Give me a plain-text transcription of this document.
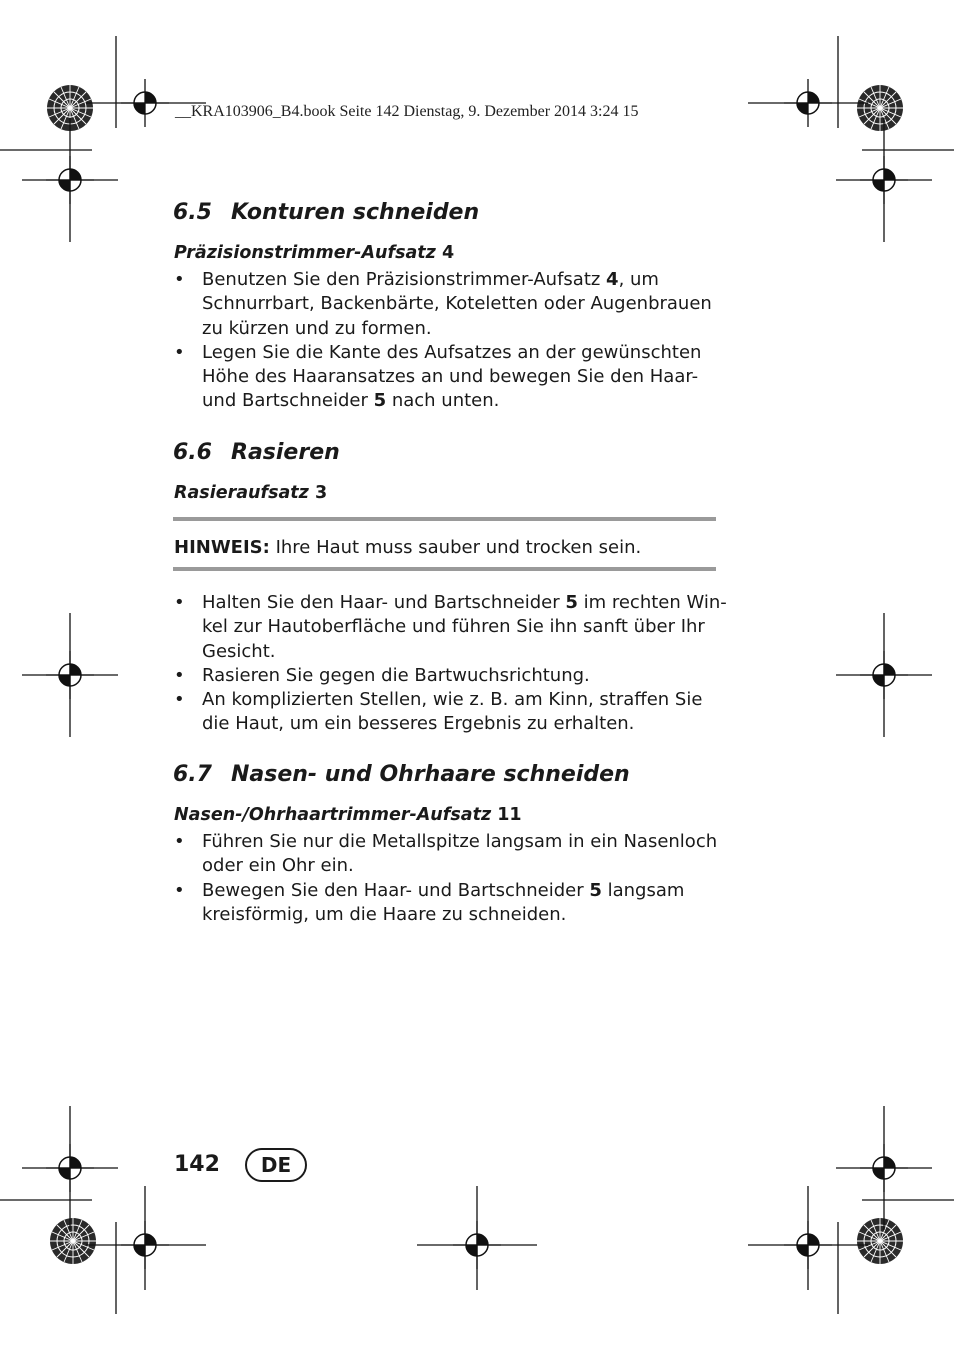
__KRA103906_B4.book Seite 142 Dienstag, 9. Dezember 2014 3:24 15
6.5 Konturen schneiden
Präzisionstrimmer-Aufsatz 4
• Benutzen Sie den Präzisionstrimmer-Aufsatz 4, um
Schnurrbart, Backenbärte, Koteletten oder Augenbrauen
zu kürzen und zu formen.
• Legen Sie die Kante des Aufsatzes an der gewünschten
Höhe des Haaransatzes an und bewegen Sie den Haar-
und Bartschneider 5 nach unten.
6.6 Rasieren
Rasieraufsatz 3
HINWEIS: Ihre Haut muss sauber und trocken sein.
• Halten Sie den Haar- und Bartschneider 5 im rechten Win-
kel zur Hautoberfläche und führen Sie ihn sanft über Ihr
Gesicht.
• Rasieren Sie gegen die Bartwuchsrichtung.
• An komplizierten Stellen, wie z. B. am Kinn, straffen Sie
die Haut, um ein besseres Ergebnis zu erhalten.
6.7 Nasen- und Ohrhaare schneiden
Nasen-/Ohrhaartrimmer-Aufsatz 11
• Führen Sie nur die Metallspitze langsam in ein Nasenloch
oder ein Ohr ein.
• Bewegen Sie den Haar- und Bartschneider 5 langsam
kreisförmig, um die Haare zu schneiden.
142	DE
